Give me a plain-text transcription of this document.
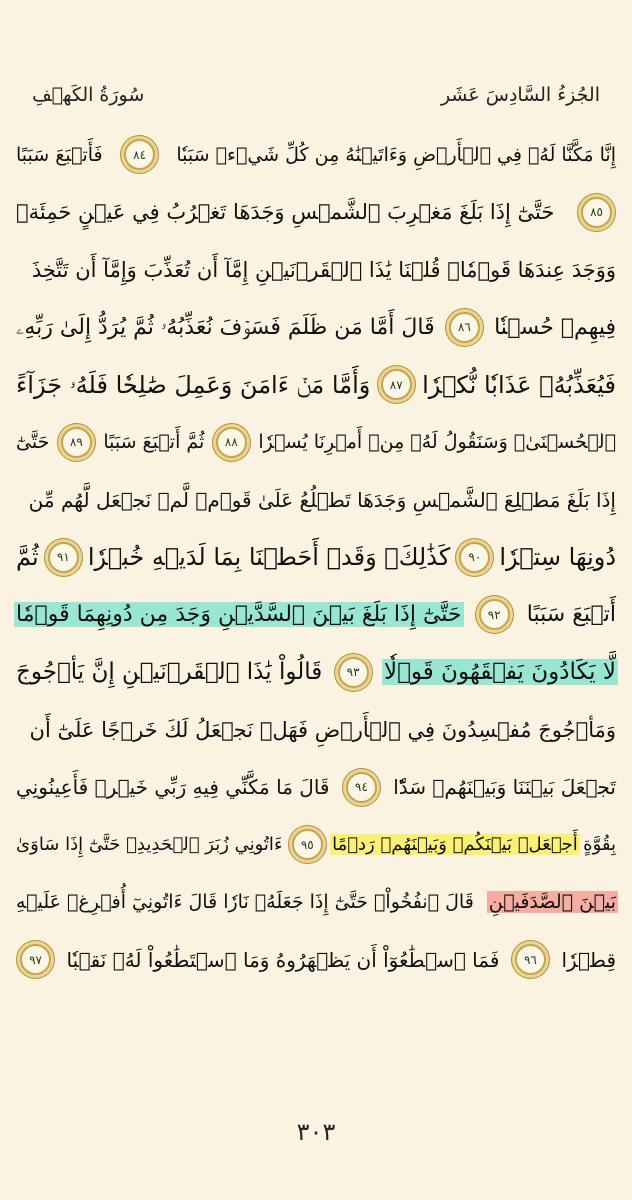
الجُزءُ السَّادِسَ عَشَر
سُورَةُ الكَهۡفِ
إِنَّا مَكَّنَّا لَهُۥ فِي ٱلۡأَرۡضِ وَءَاتَيۡنَٰهُ مِن كُلِّ شَيۡءٖ سَبَبٗا
٨٤
فَأَتۡبَعَ سَبَبًا
٨٥
حَتَّىٰٓ إِذَا بَلَغَ مَغۡرِبَ ٱلشَّمۡسِ وَجَدَهَا تَغۡرُبُ فِي عَيۡنٍ حَمِئَةٖ
وَوَجَدَ عِندَهَا قَوۡمٗاۖ قُلۡنَا يَٰذَا ٱلۡقَرۡنَيۡنِ إِمَّآ أَن تُعَذِّبَ وَإِمَّآ أَن تَتَّخِذَ
فِيهِمۡ حُسۡنٗا
٨٦
قَالَ أَمَّا مَن ظَلَمَ فَسَوۡفَ نُعَذِّبُهُۥ ثُمَّ يُرَدُّ إِلَىٰ رَبِّهِۦ
فَيُعَذِّبُهُۥ عَذَابٗا نُّكۡرٗا
٨٧
وَأَمَّا مَنۡ ءَامَنَ وَعَمِلَ صَٰلِحٗا فَلَهُۥ جَزَآءً
ٱلۡحُسۡنَىٰۖ وَسَنَقُولُ لَهُۥ مِنۡ أَمۡرِنَا يُسۡرٗا
٨٨
ثُمَّ أَتۡبَعَ سَبَبًا
٨٩
حَتَّىٰٓ
إِذَا بَلَغَ مَطۡلِعَ ٱلشَّمۡسِ وَجَدَهَا تَطۡلُعُ عَلَىٰ قَوۡمٖ لَّمۡ نَجۡعَل لَّهُم مِّن
دُونِهَا سِتۡرٗا
٩٠
كَذَٰلِكَۖ وَقَدۡ أَحَطۡنَا بِمَا لَدَيۡهِ خُبۡرٗا
٩١
ثُمَّ
أَتۡبَعَ سَبَبًا
٩٢
حَتَّىٰٓ إِذَا بَلَغَ بَيۡنَ ٱلسَّدَّيۡنِ وَجَدَ مِن دُونِهِمَا قَوۡمٗا
لَّا يَكَادُونَ يَفۡقَهُونَ قَوۡلٗا
٩٣
قَالُواْ يَٰذَا ٱلۡقَرۡنَيۡنِ إِنَّ يَأۡجُوجَ
وَمَأۡجُوجَ مُفۡسِدُونَ فِي ٱلۡأَرۡضِ فَهَلۡ نَجۡعَلُ لَكَ خَرۡجًا عَلَىٰٓ أَن
تَجۡعَلَ بَيۡنَنَا وَبَيۡنَهُمۡ سَدّٗا
٩٤
قَالَ مَا مَكَّنِّي فِيهِ رَبِّي خَيۡرٞ فَأَعِينُونِي
بِقُوَّةٍ
أَجۡعَلۡ بَيۡنَكُمۡ وَبَيۡنَهُمۡ رَدۡمًا
٩٥
ءَاتُونِي زُبَرَ ٱلۡحَدِيدِۖ حَتَّىٰٓ إِذَا سَاوَىٰ
بَيۡنَ ٱلصَّدَفَيۡنِ
قَالَ ٱنفُخُواْۖ حَتَّىٰٓ إِذَا جَعَلَهُۥ نَارٗا قَالَ ءَاتُونِيٓ أُفۡرِغۡ عَلَيۡهِ
قِطۡرٗا
٩٦
فَمَا ٱسۡطَٰعُوٓاْ أَن يَظۡهَرُوهُ وَمَا ٱسۡتَطَٰعُواْ لَهُۥ نَقۡبٗا
٩٧
٣٠٣
